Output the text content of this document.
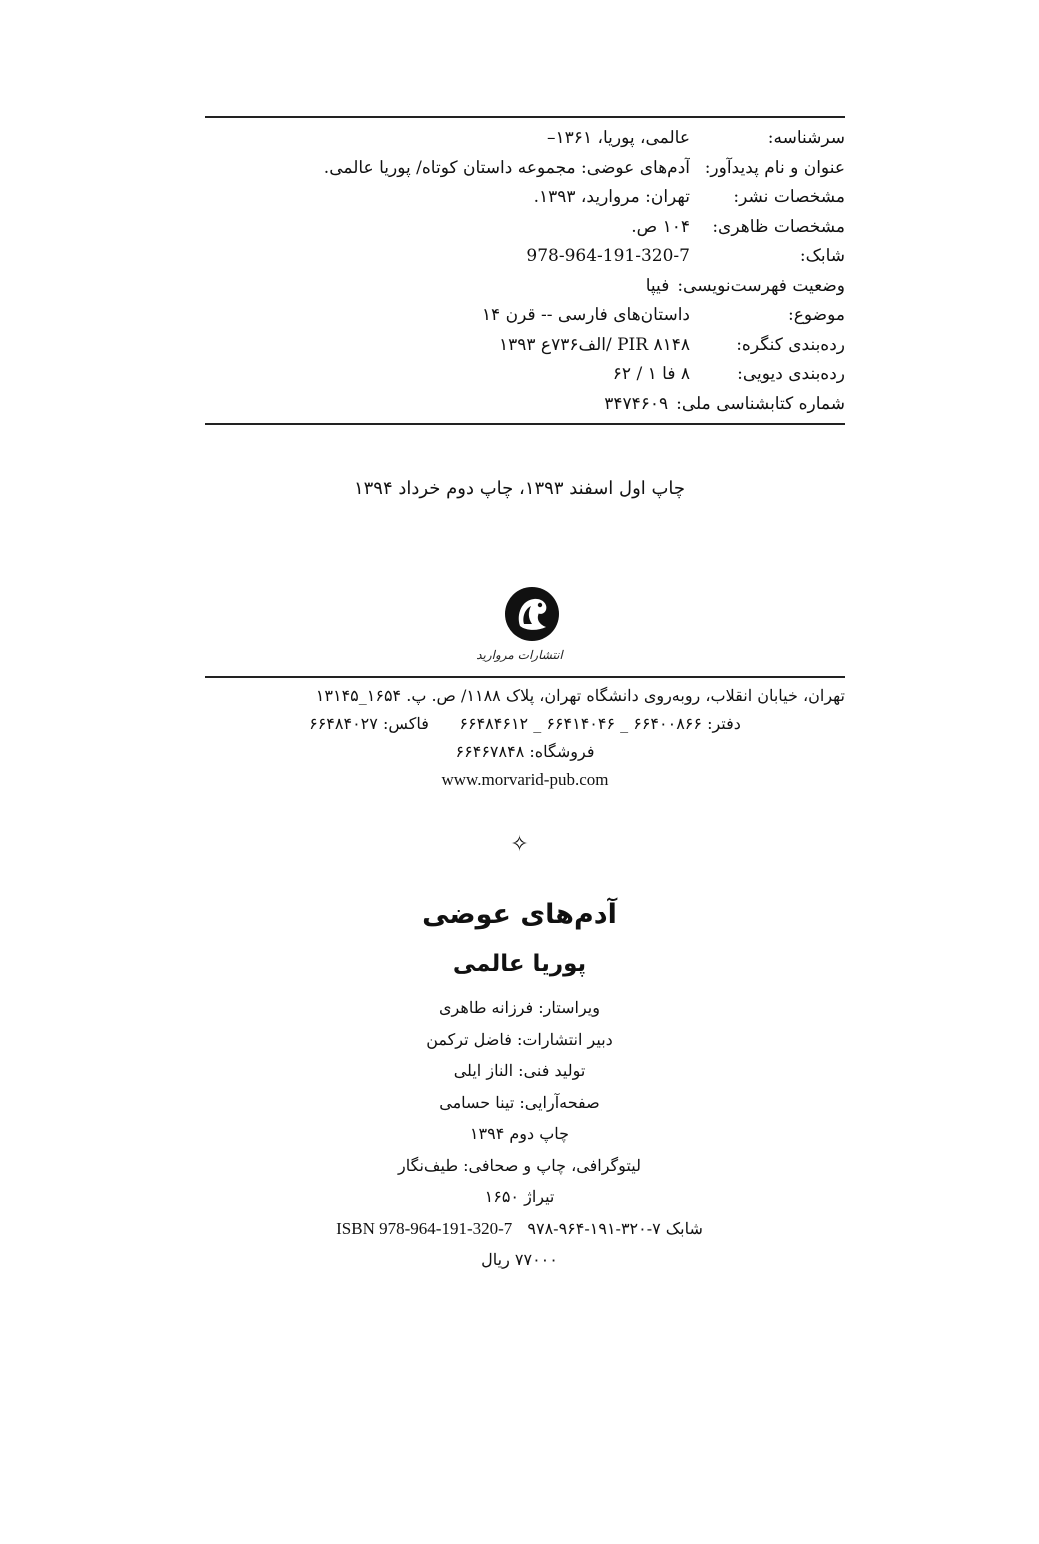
سرشناسه:
عالمی، پوریا، ۱۳۶۱–
عنوان و نام پدیدآور:
آدم‌های عوضی: مجموعه داستان کوتاه/ پوریا عالمی.
مشخصات نشر:
تهران: مروارید، ۱۳۹۳.
مشخصات ظاهری:
۱۰۴ ص.
شابک:
978-964-191-320-7
وضعیت فهرست‌نویسی:
فیپا
موضوع:
داستان‌های فارسی -- قرن ۱۴
رده‌بندی کنگره:
PIR ۸۱۴۸ /الف۷۳۶ع ۱۳۹۳
رده‌بندی دیویی:
۸ فا ۱ / ۶۲
شماره کتابشناسی ملی:
۳۴۷۴۶۰۹
چاپ اول اسفند ۱۳۹۳، چاپ دوم خرداد ۱۳۹۴
انتشارات مروارید
تهران، خیابان انقلاب، روبه‌روی دانشگاه تهران، پلاک ۱۱۸۸/ ص. پ. ۱۶۵۴_۱۳۱۴۵
دفتر: ۶۶۴۰۰۸۶۶ _ ۶۶۴۱۴۰۴۶ _ ۶۶۴۸۴۶۱۲      فاکس: ۶۶۴۸۴۰۲۷
فروشگاه: ۶۶۴۶۷۸۴۸
www.morvarid-pub.com
✧
آدم‌های عوضی
پوریا عالمی
ویراستار: فرزانه طاهری
دبیر انتشارات: فاضل ترکمن
تولید فنی: الناز ایلی
صفحه‌آرایی: تینا حسامی
چاپ دوم ۱۳۹۴
لیتوگرافی، چاپ و صحافی: طیف‌نگار
تیراژ ۱۶۵۰
شابک ۷-۳۲۰-۱۹۱-۹۶۴-۹۷۸ ISBN 978-964-191-320-7
۷۷۰۰۰ ریال
